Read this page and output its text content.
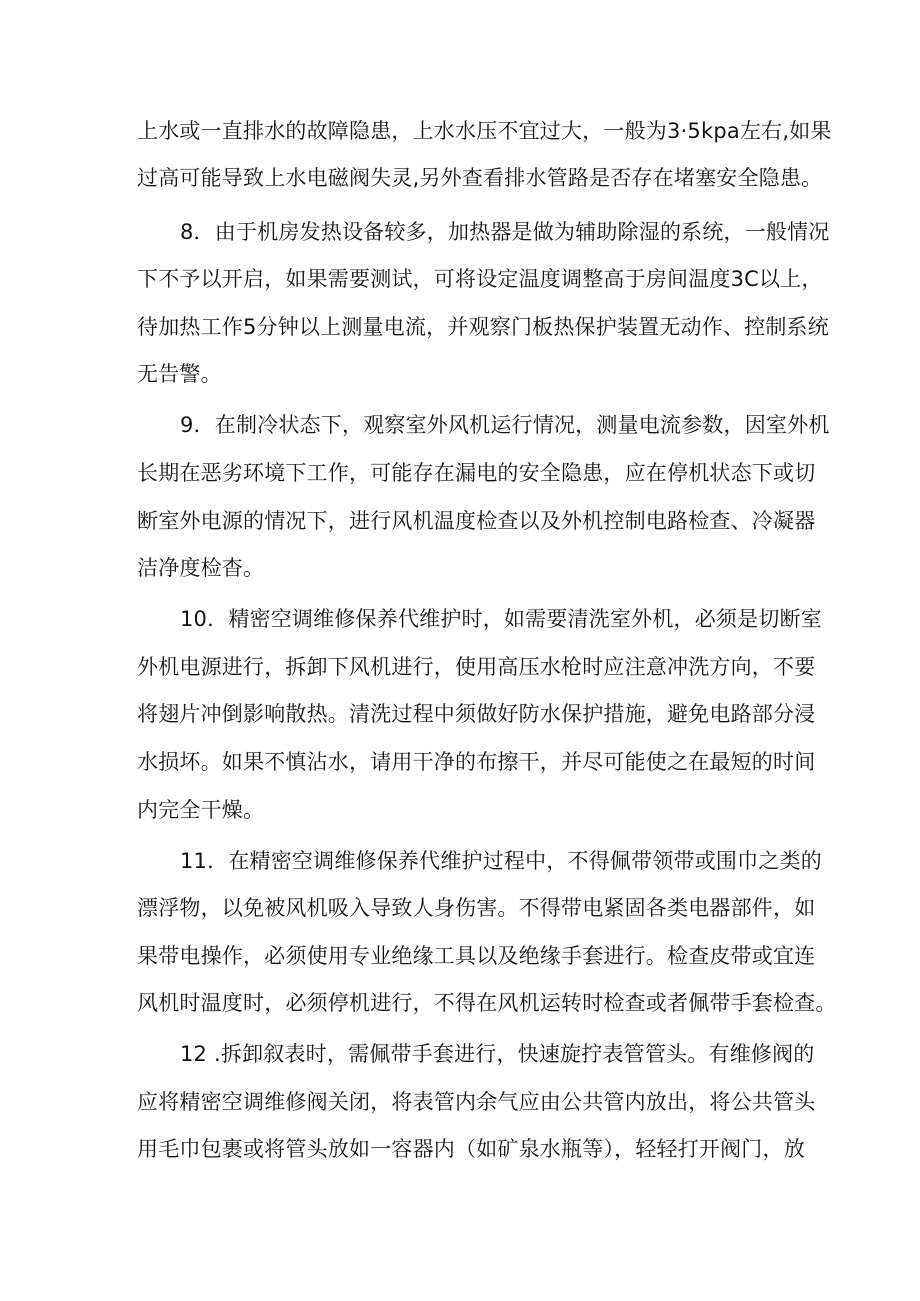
上水或一直排水的故障隐患，上水水压不宜过大，一般为3·5kpa左右,如果
过高可能导致上水电磁阀失灵,另外查看排水管路是否存在堵塞安全隐患。
8．由于机房发热设备较多，加热器是做为辅助除湿的系统，一般情况
下不予以开启，如果需要测试，可将设定温度调整高于房间温度3C以上，
待加热工作5分钟以上测量电流，并观察门板热保护装置无动作、控制系统
无告警。
9．在制冷状态下，观察室外风机运行情况，测量电流参数，因室外机
长期在恶劣环境下工作，可能存在漏电的安全隐患，应在停机状态下或切
断室外电源的情况下，进行风机温度检查以及外机控制电路检查、冷凝器
洁净度检杳。
10．精密空调维修保养代维护时，如需要清洗室外机，必须是切断室
外机电源进行，拆卸下风机进行，使用高压水枪时应注意冲洗方向，不要
将翅片冲倒影响散热。清洗过程中须做好防水保护措施，避免电路部分浸
水损坏。如果不慎沾水，请用干净的布擦干，并尽可能使之在最短的时间
内完全干燥。
11．在精密空调维修保养代维护过程中，不得佩带领带或围巾之类的
漂浮物，以免被风机吸入导致人身伤害。不得带电紧固各类电器部件，如
果带电操作，必须使用专业绝缘工具以及绝缘手套进行。检查皮带或宜连
风机时温度时，必须停机进行，不得在风机运转时检查或者佩带手套检查。
12 .拆卸叙表时，需佩带手套进行，快速旋拧表管管头。有维修阀的
应将精密空调维修阀关闭，将表管内余气应由公共管内放出，将公共管头
用毛巾包裹或将管头放如一容器内（如矿泉水瓶等），轻轻打开阀门，放
